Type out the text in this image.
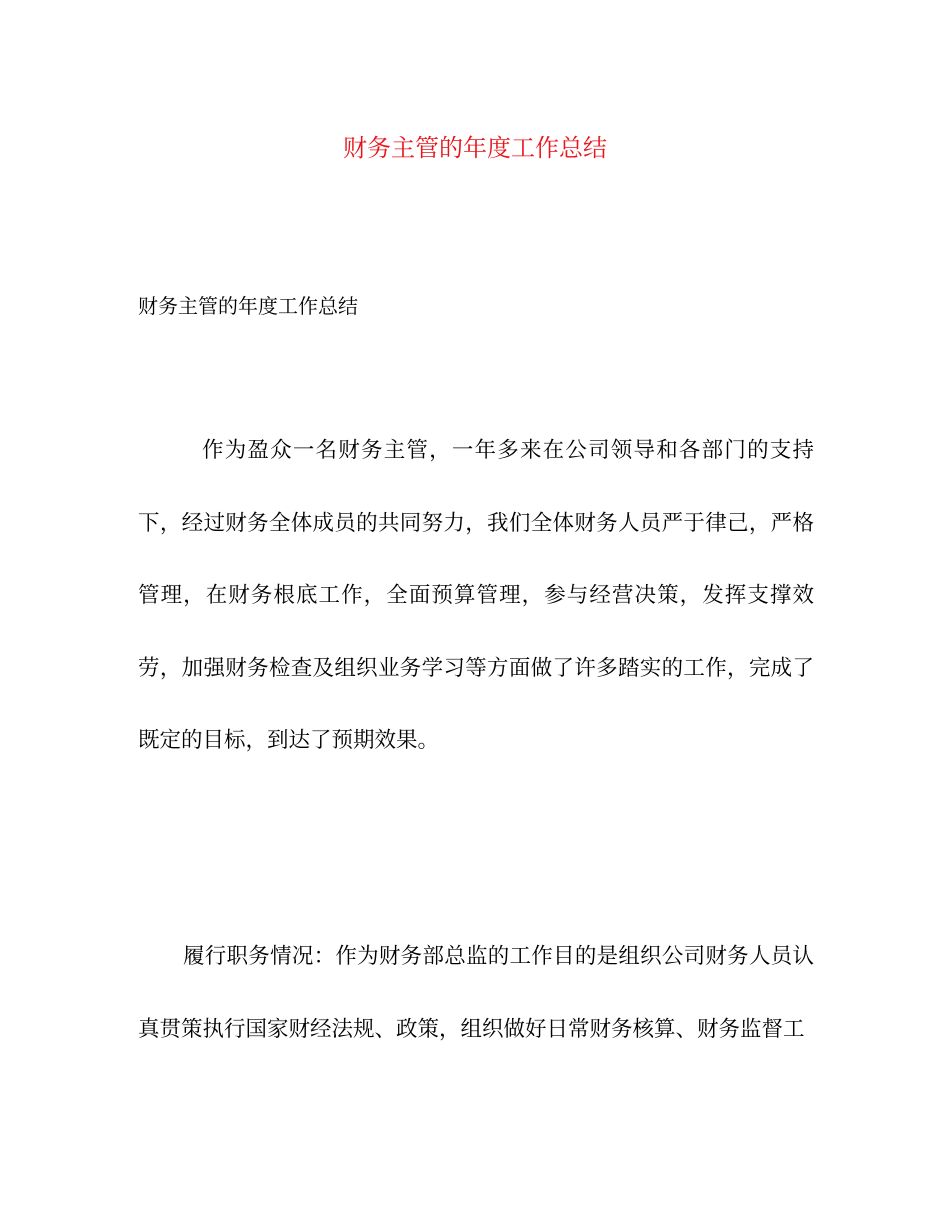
财务主管的年度工作总结

财务主管的年度工作总结

作为盈众一名财务主管，一年多来在公司领导和各部门的支持下，经过财务全体成员的共同努力，我们全体财务人员严于律己，严格管理，在财务根底工作，全面预算管理，参与经营决策，发挥支撑效劳，加强财务检查及组织业务学习等方面做了许多踏实的工作，完成了既定的目标，到达了预期效果。

履行职务情况：作为财务部总监的工作目的是组织公司财务人员认真贯策执行国家财经法规、政策，组织做好日常财务核算、财务监督工
